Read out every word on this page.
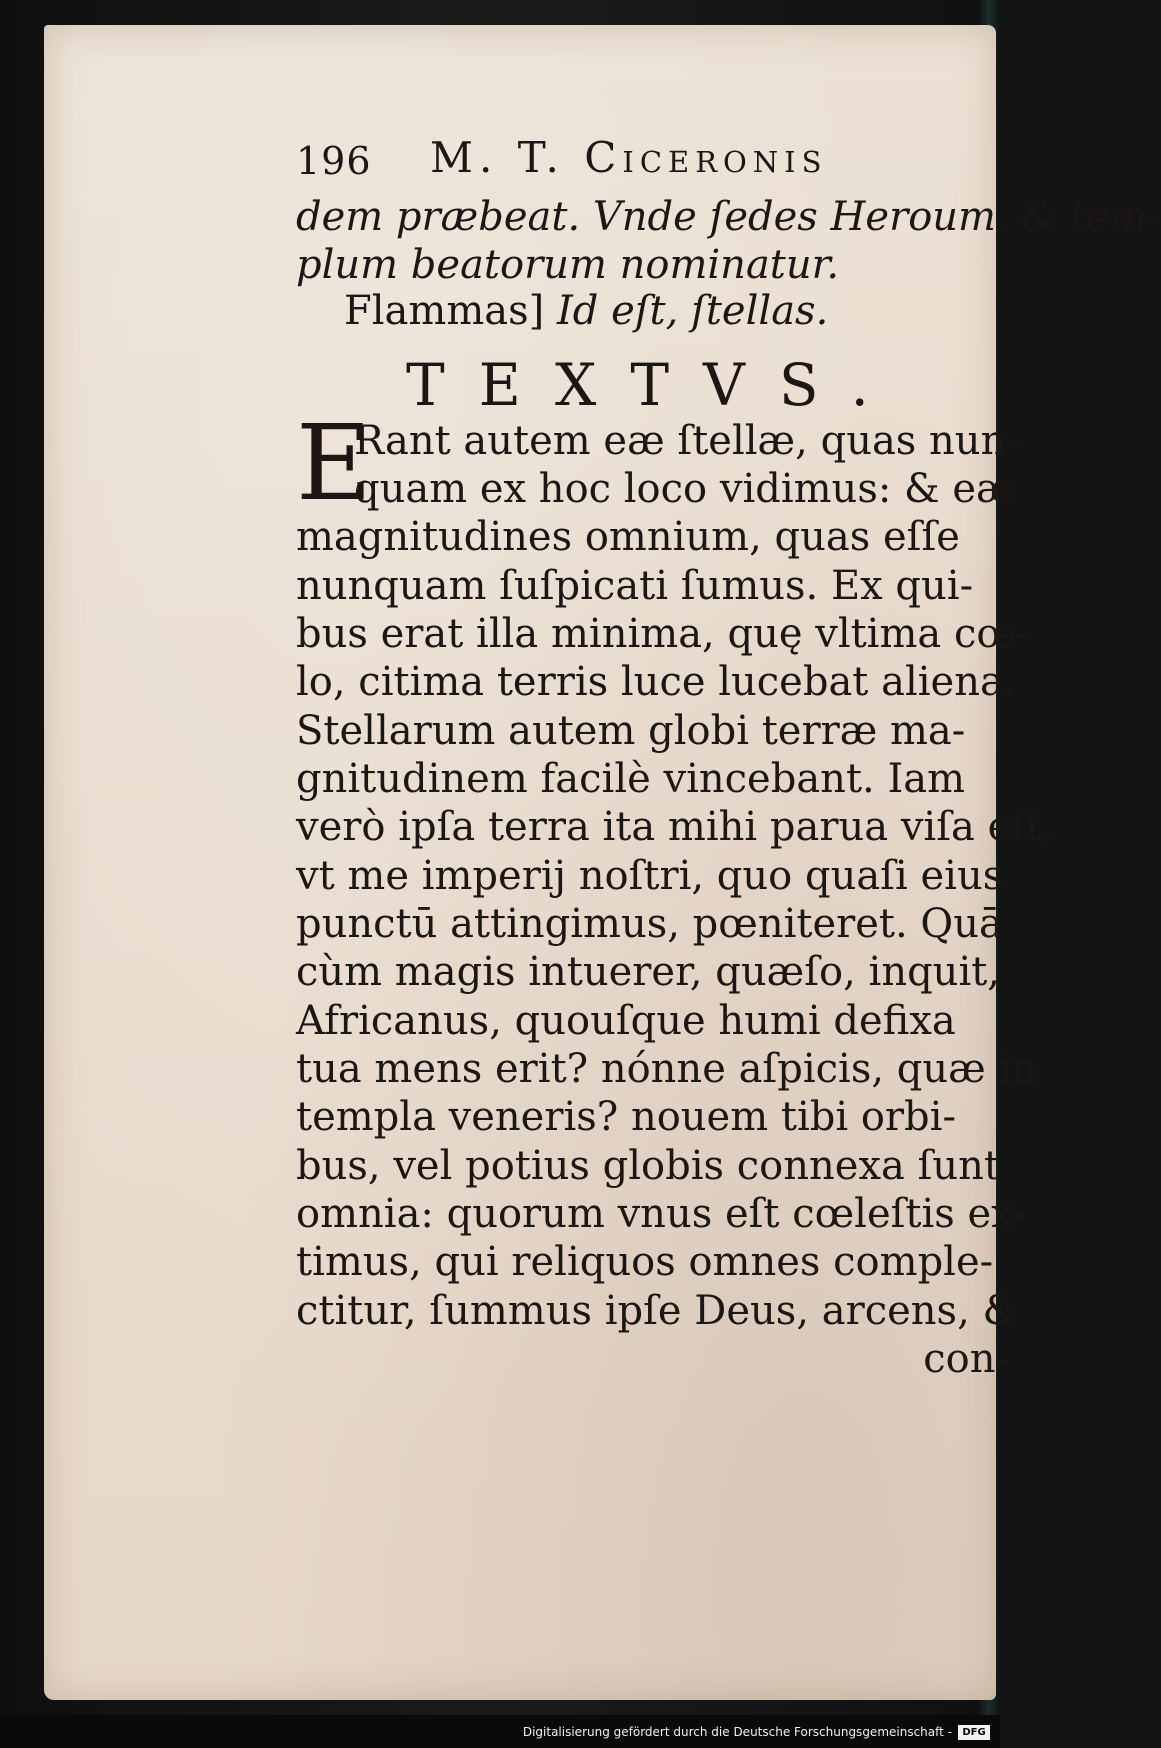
196 M. T. Ciceronis
dem præbeat. Vnde ſedes Heroum, & tem-
plum beatorum nominatur.
Flammas] Id eſt, ſtellas.
TEXTVS.
E
Rant autem eæ ſtellæ, quas nun-
quam ex hoc loco vidimus: & eæ
magnitudines omnium, quas eſſe
nunquam ſuſpicati ſumus. Ex qui-
bus erat illa minima, quę vltima cœ-
lo, citima terris luce lucebat aliena.
Stellarum autem globi terræ ma-
gnitudinem facilè vincebant. Iam
verò ipſa terra ita mihi parua viſa eſt,
vt me imperij noſtri, quo quaſi eius
punctū attingimus, pœniteret. Quā
cùm magis intuerer, quæſo, inquit,
Africanus, quouſque humi defixa
tua mens erit? nónne aſpicis, quæ in
templa veneris? nouem tibi orbi-
bus, vel potius globis connexa ſunt
omnia: quorum vnus eſt cœleſtis ex-
timus, qui reliquos omnes comple-
ctitur, ſummus ipſe Deus, arcens, &
con-
Digitalisierung gefördert durch die Deutsche Forschungsgemeinschaft -	DFG
